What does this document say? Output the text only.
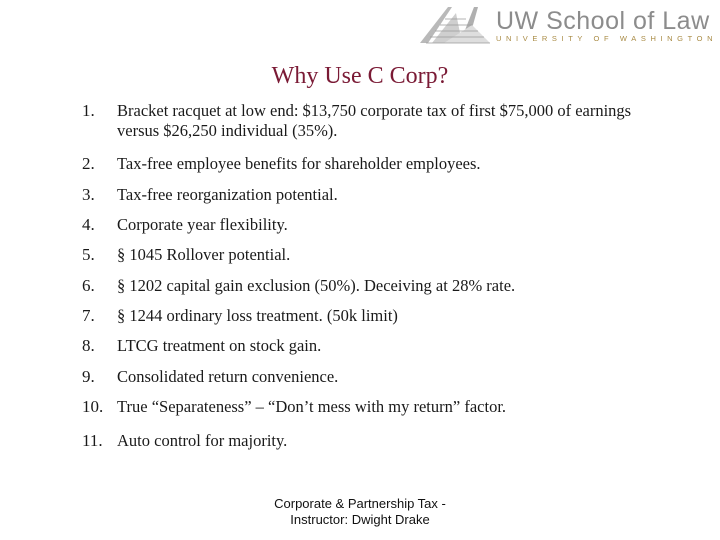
UW School of Law
UNIVERSITY OF WASHINGTON
Why Use C Corp?
1.	Bracket racquet at low end: $13,750 corporate tax of first $75,000 of earnings versus $26,250 individual (35%).
2.	Tax-free employee benefits for shareholder employees.
3.	Tax-free reorganization potential.
4.	Corporate year flexibility.
5.	§ 1045 Rollover potential.
6.	§ 1202 capital gain exclusion (50%). Deceiving at 28% rate.
7.	§ 1244 ordinary loss treatment. (50k limit)
8.	LTCG treatment on stock gain.
9.	Consolidated return convenience.
10. True “Separateness” – “Don’t mess with my return” factor.
11. Auto control for majority.
Corporate & Partnership Tax -
Instructor: Dwight Drake
